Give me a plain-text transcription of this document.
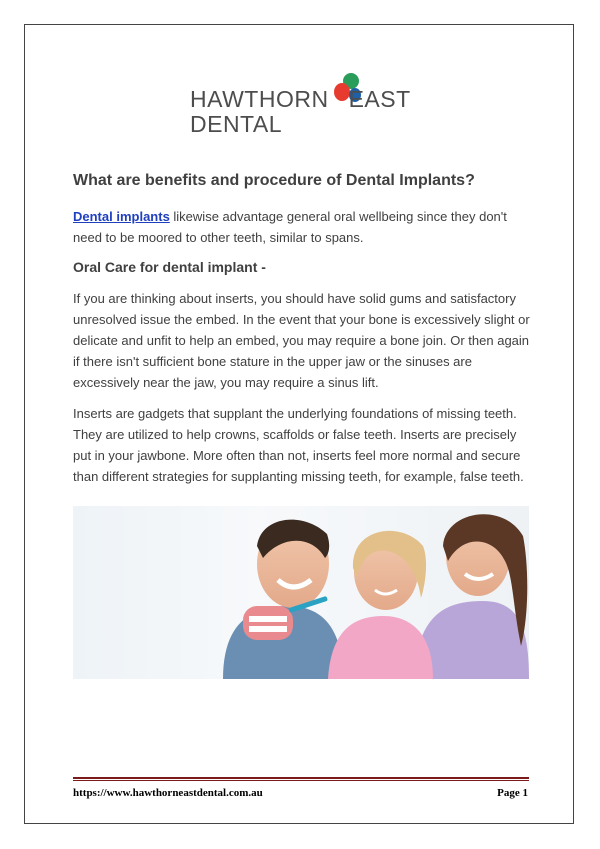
HAWTHORN EAST
DENTAL
What are benefits and procedure of Dental Implants?

Dental implants likewise advantage general oral wellbeing since they don't need to be moored to other teeth, similar to spans.

Oral Care for dental implant -

If you are thinking about inserts, you should have solid gums and satisfactory unresolved issue the embed. In the event that your bone is excessively slight or delicate and unfit to help an embed, you may require a bone join. Or then again if there isn't sufficient bone stature in the upper jaw or the sinuses are excessively near the jaw, you may require a sinus lift.

Inserts are gadgets that supplant the underlying foundations of missing teeth. They are utilized to help crowns, scaffolds or false teeth. Inserts are precisely put in your jawbone. More often than not, inserts feel more normal and secure than different strategies for supplanting missing teeth, for example, false teeth.

https://www.hawthorneastdental.com.au	Page 1
